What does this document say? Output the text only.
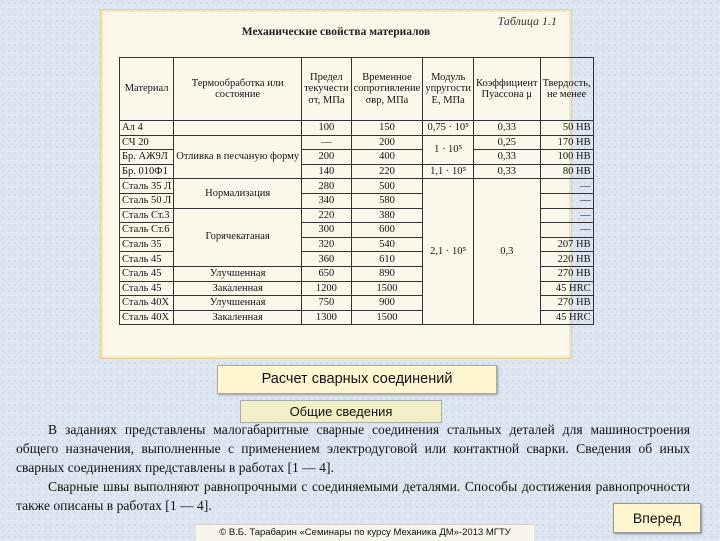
Таблица 1.1
Механические свойства материалов
Материал	Термообработка или состояние	Предел текучести σт, МПа	Временное сопротивление σвр, МПа	Модуль упругости Е, МПа	Коэффициент Пуассона μ	Твердость, не менее
Ал 4		100	150	0,75 · 10⁵	0,33	50 HB
СЧ 20	Отливка в песчаную форму	—	200	1 · 10⁵	0,25	170 HB
Бр. АЖ9Л		200	400		0,33	100 HB
Бр. 010Ф1		140	220	1,1 · 10⁵	0,33	80 HB
Сталь 35 Л	Нормализация	280	500	2,1 · 10⁵	0,3	—
Сталь 50 Л		340	580			—
Сталь Ст.3	Горячекатаная	220	380			—
Сталь Ст.6		300	600			—
Сталь 35		320	540			207 HB
Сталь 45		360	610			220 HB
Сталь 45	Улучшенная	650	890			270 HB
Сталь 45	Закаленная	1200	1500			45 HRC
Сталь 40Х	Улучшенная	750	900			270 HB
Сталь 40Х	Закаленная	1300	1500			45 HRC
Расчет сварных соединений
Общие сведения

В заданиях представлены малогабаритные сварные соединения стальных деталей для машиностроения общего назначения, выполненные с применением электродуговой или контактной сварки. Сведения об иных сварных соединениях представлены в работах [1 — 4].

Сварные швы выполняют равнопрочными с соединяемыми деталями. Способы достижения равнопрочности также описаны в работах [1 — 4].

Вперед
© В.Б. Тарабарин «Семинары по курсу Механика ДМ»-2013 МГТУ
